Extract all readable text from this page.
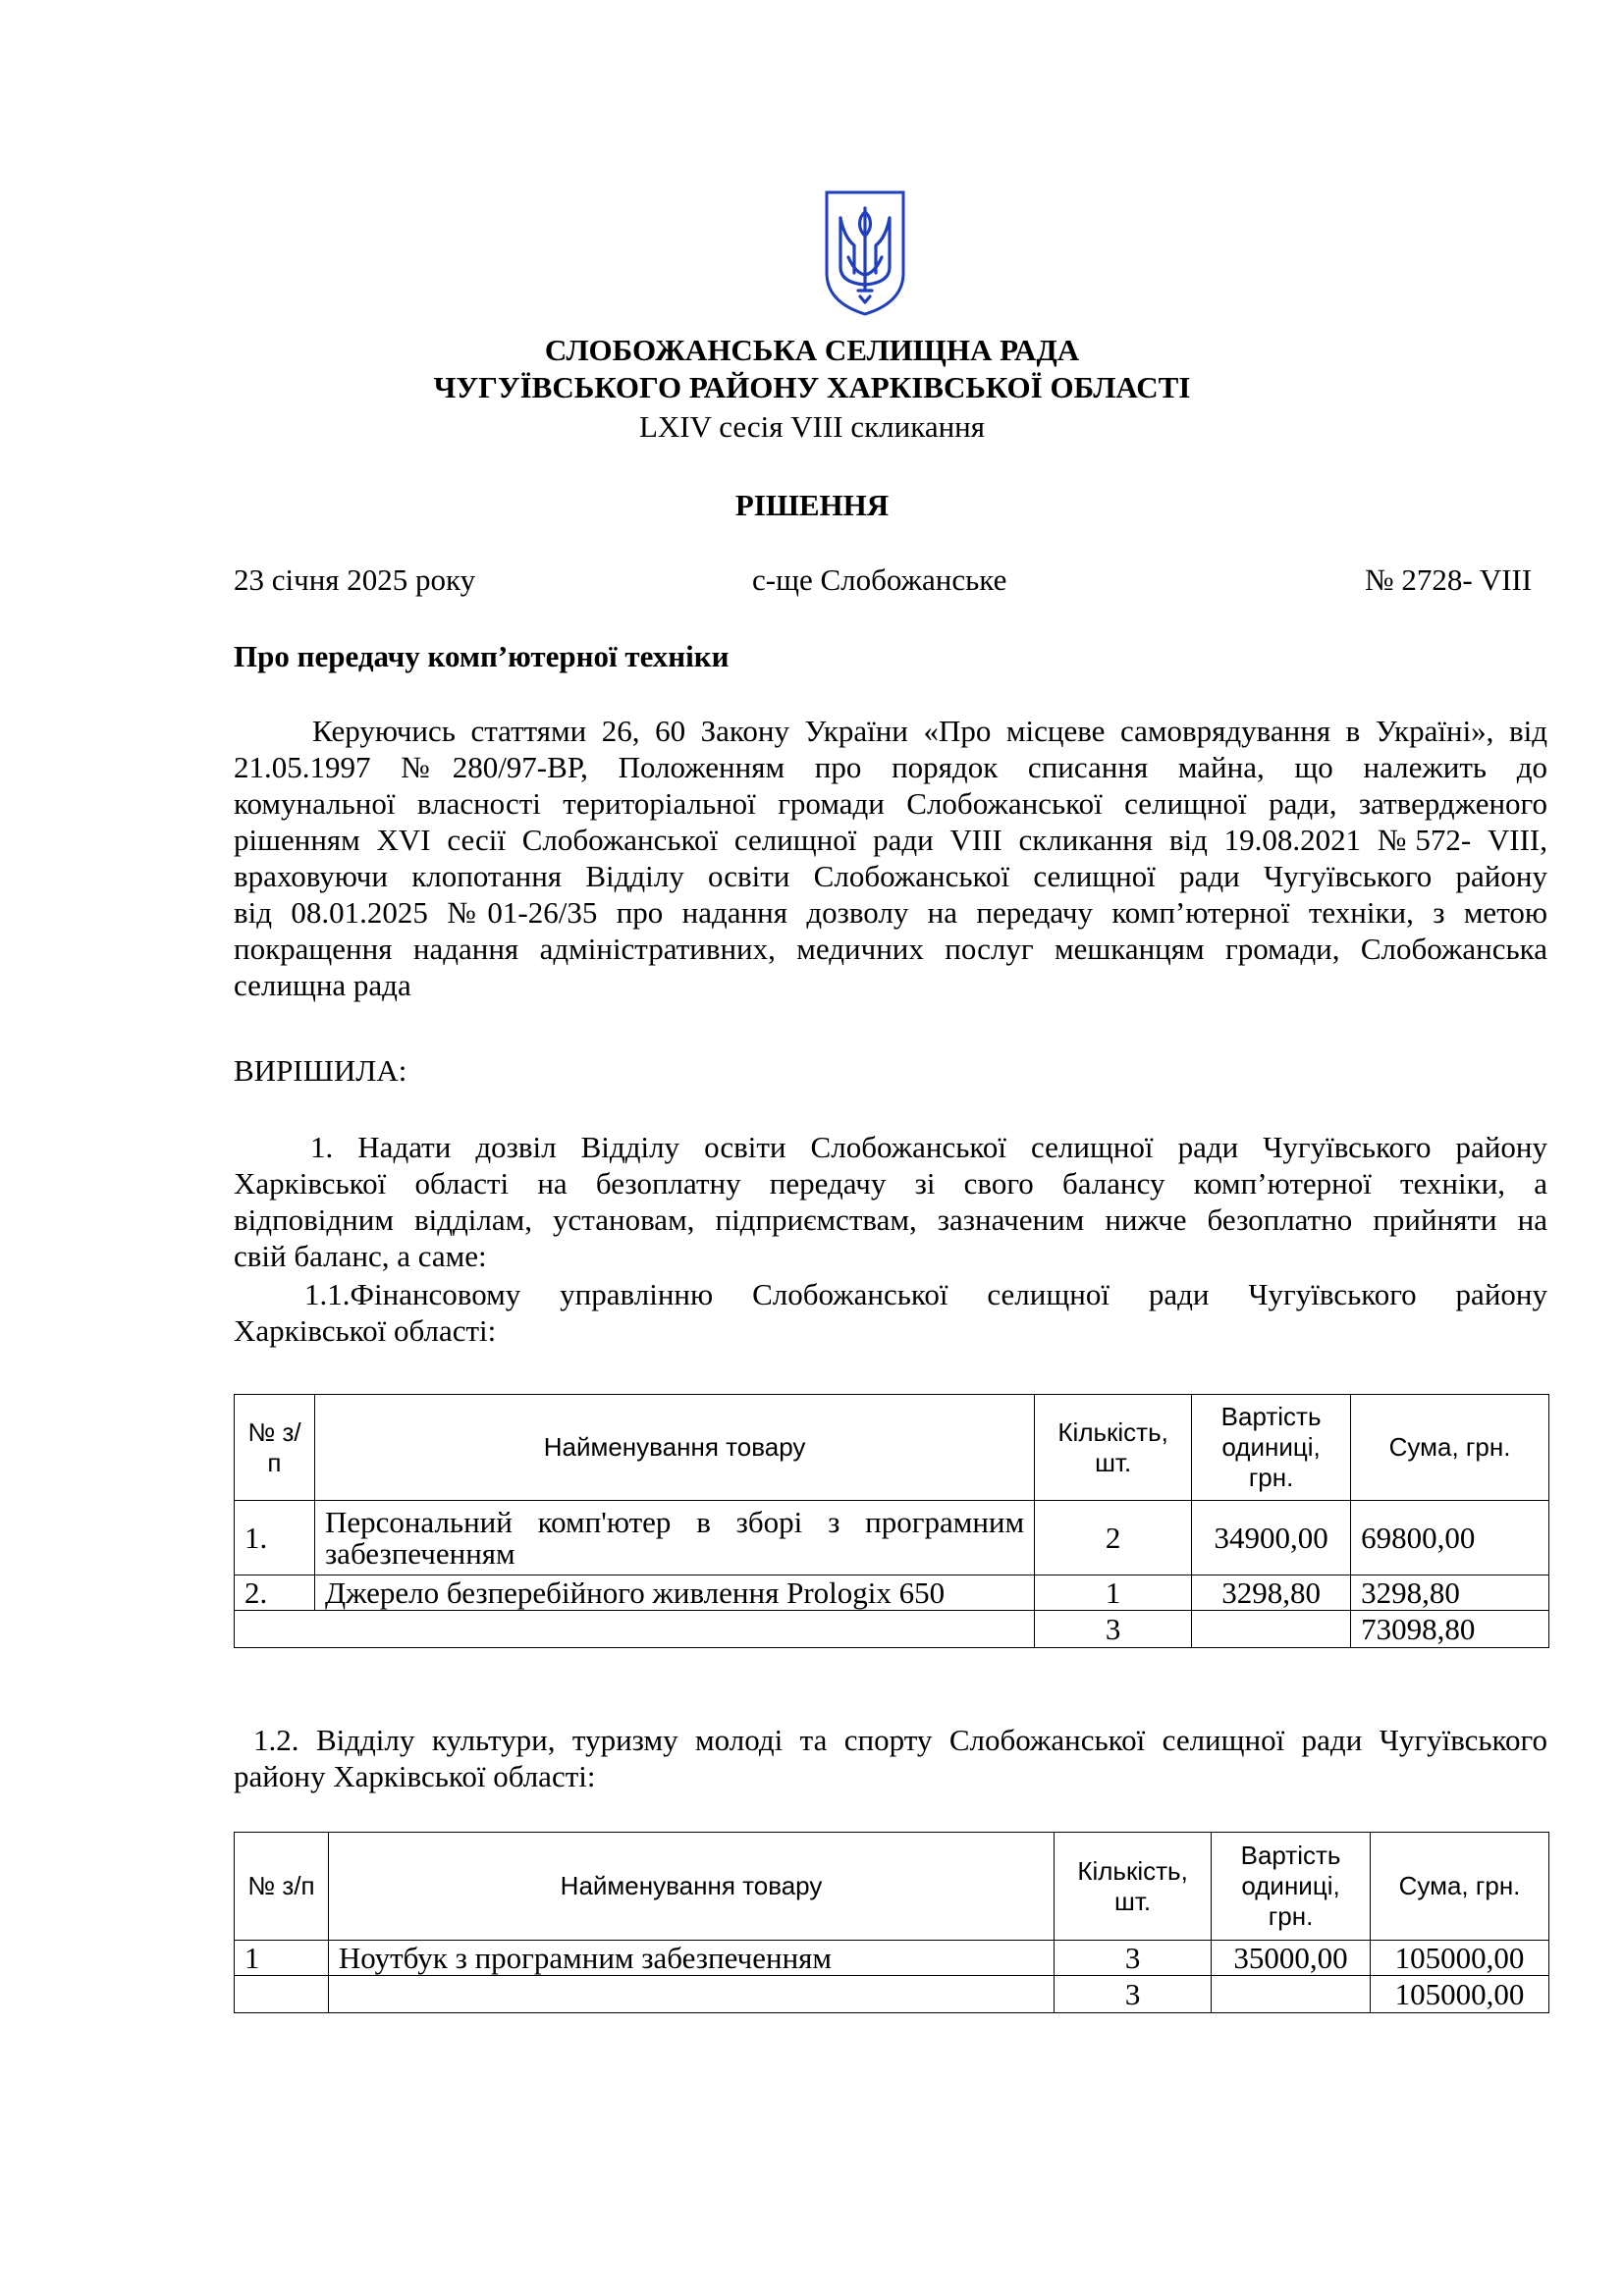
СЛОБОЖАНСЬКА СЕЛИЩНА РАДА
ЧУГУЇВСЬКОГО РАЙОНУ ХАРКІВСЬКОЇ ОБЛАСТІ
LXIV сесія VIII скликання
РІШЕННЯ
23 січня 2025 року	с-ще Слобожанське	№ 2728- VIII
Про передачу комп’ютерної техніки
Керуючись статтями 26, 60 Закону України «Про місцеве самоврядування в Україні», від
21.05.1997 №280/97-ВР, Положенням про порядок списання майна, що належить до
комунальної власності територіальної громади Слобожанської селищної ради, затвердженого
рішенням XVI сесії Слобожанської селищної ради VIII скликання від 19.08.2021 №572- VIII,
враховуючи клопотання Відділу освіти Слобожанської селищної ради Чугуївського району
від 08.01.2025 №01-26/35 про надання дозволу на передачу комп’ютерної техніки, з метою
покращення надання адміністративних, медичних послуг мешканцям громади, Слобожанська
селищна рада
ВИРІШИЛА:
1. Надати дозвіл Відділу освіти Слобожанської селищної ради Чугуївського району
Харківської області на безоплатну передачу зі свого балансу комп’ютерної техніки, а
відповідним відділам, установам, підприємствам, зазначеним нижче безоплатно прийняти на
свій баланс, а саме:
1.1.Фінансовому управлінню Слобожанської селищної ради Чугуївського району
Харківської області:
№ з/п	Найменування товару	Кількість, шт.	Вартість одиниці, грн.	Сума, грн.
1.	Персональний комп'ютер в зборі з програмним забезпеченням	2	34900,00	69800,00
2.	Джерело безперебійного живлення Prologix 650	1	3298,80	3298,80
		3		73098,80
1.2. Відділу культури, туризму молоді та спорту Слобожанської селищної ради Чугуївського
району Харківської області:
№ з/п	Найменування товару	Кількість, шт.	Вартість одиниці, грн.	Сума, грн.
1	Ноутбук з програмним забезпеченням	3	35000,00	105000,00
		3		105000,00
